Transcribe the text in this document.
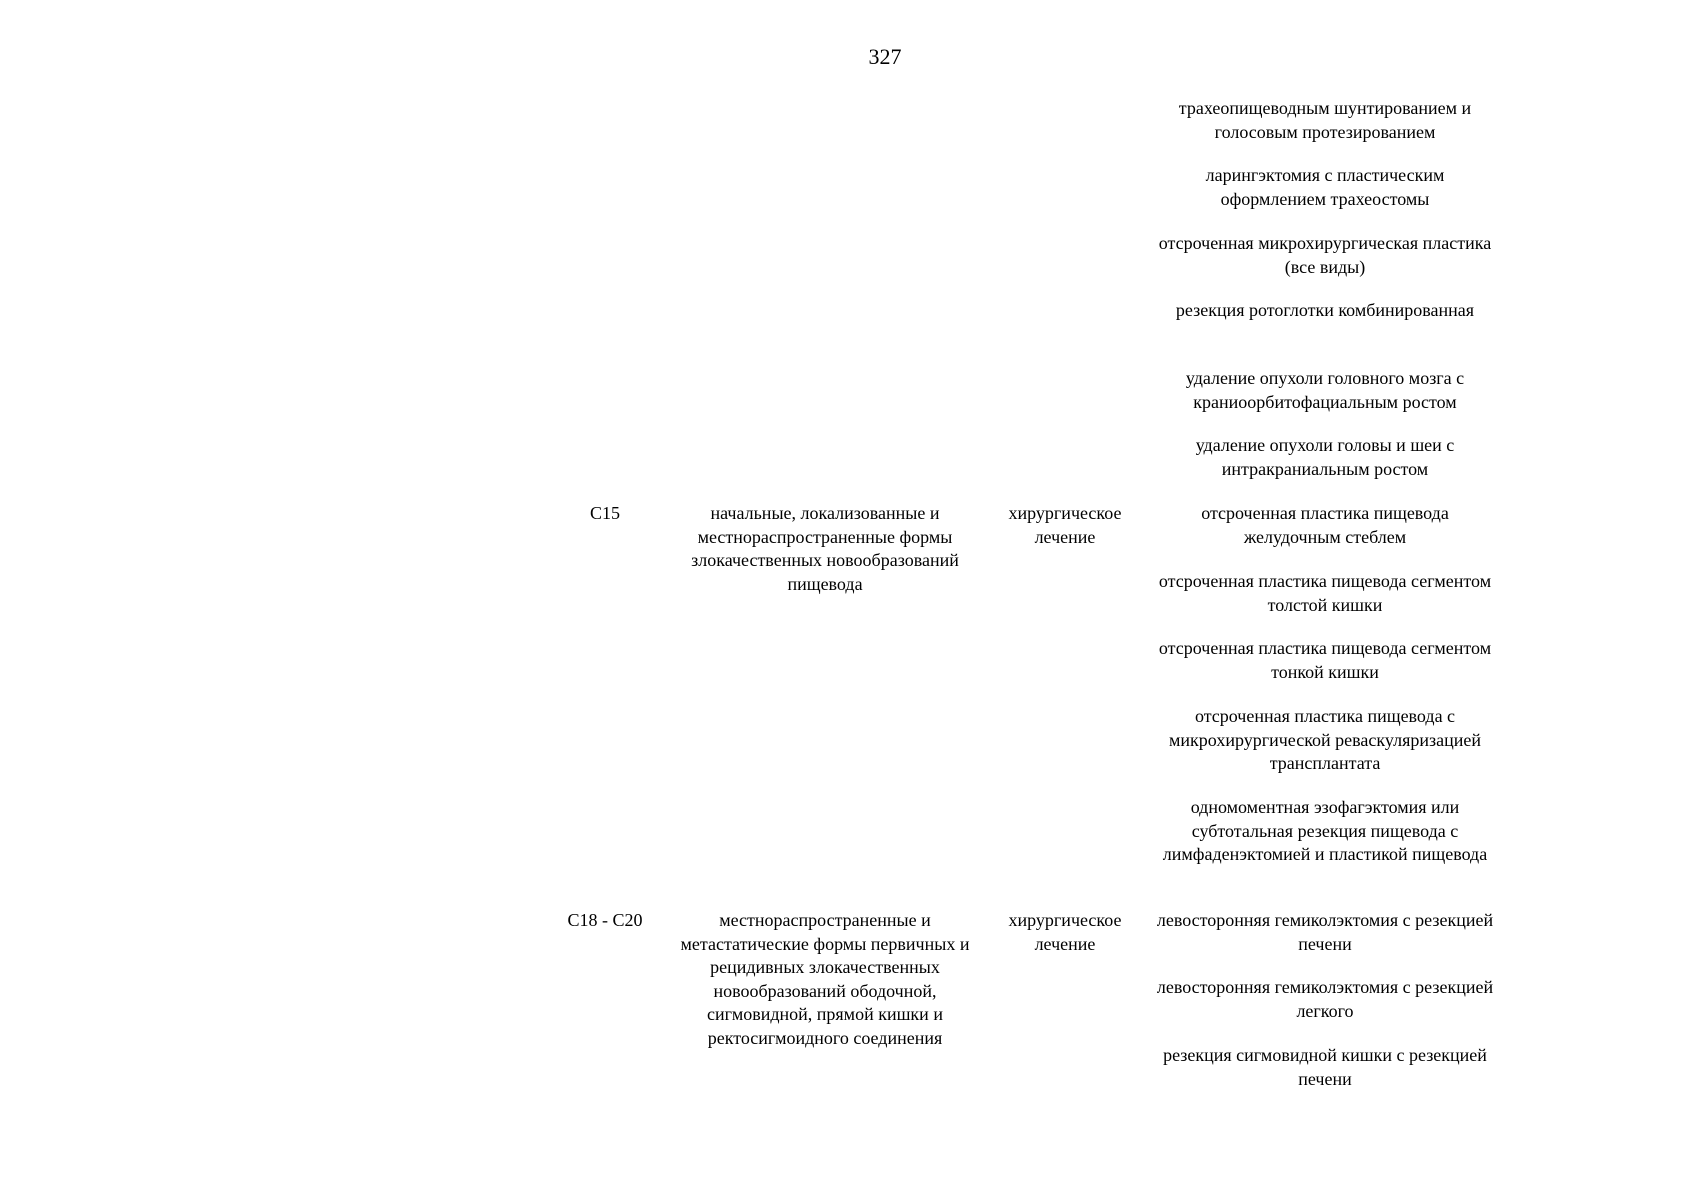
327
трахеопищеводным шунтированием и голосовым протезированием
ларингэктомия с пластическим оформлением трахеостомы
отсроченная микрохирургическая пластика (все виды)
резекция ротоглотки комбинированная
удаление опухоли головного мозга с краниоорбитофациальным ростом
удаление опухоли головы и шеи с интракраниальным ростом
C15	начальные, локализованные и местнораспространенные формы злокачественных новообразований пищевода
хирургическое лечение
отсроченная пластика пищевода желудочным стеблем
отсроченная пластика пищевода сегментом толстой кишки
отсроченная пластика пищевода сегментом тонкой кишки
отсроченная пластика пищевода с микрохирургической реваскуляризацией трансплантата
одномоментная эзофагэктомия или субтотальная резекция пищевода с лимфаденэктомией и пластикой пищевода
C18 - C20	местнораспространенные и метастатические формы первичных и рецидивных злокачественных новообразований ободочной, сигмовидной, прямой кишки и ректосигмоидного соединения
хирургическое лечение
левосторонняя гемиколэктомия с резекцией печени
левосторонняя гемиколэктомия с резекцией легкого
резекция сигмовидной кишки с резекцией печени
